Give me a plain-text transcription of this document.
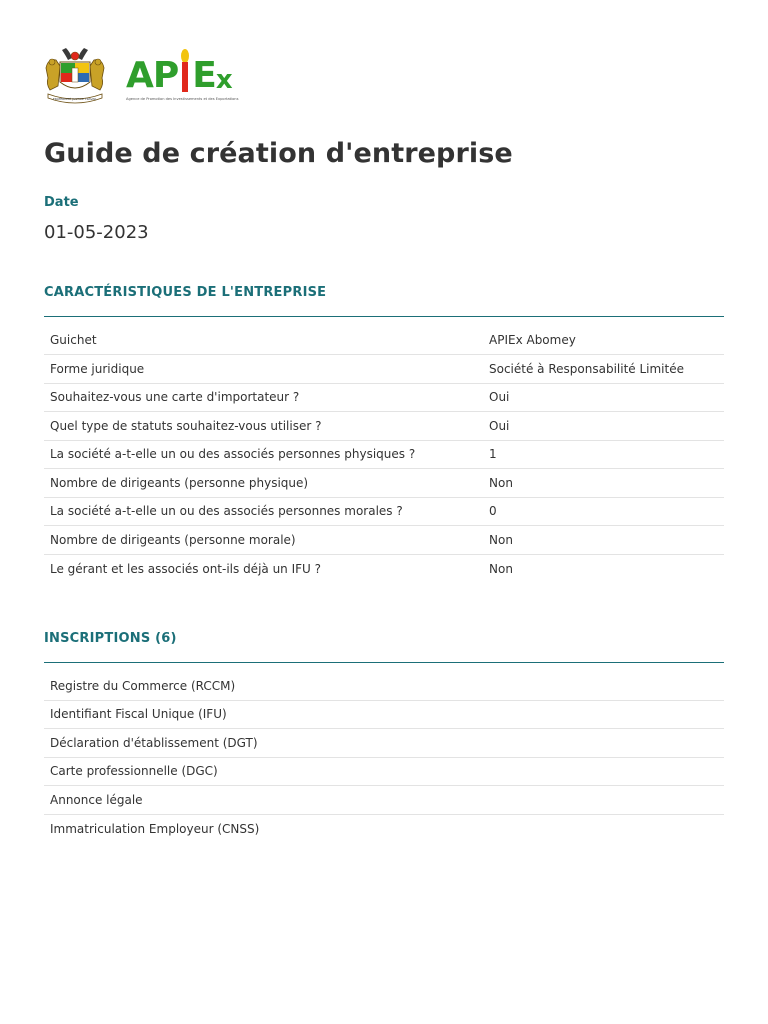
FRATERNITÉ JUSTICE TRAVAIL
AP E x
Agence de Promotion des Investissements et des Exportations
Guide de création d'entreprise
Date
01-05-2023
CARACTÉRISTIQUES DE L'ENTREPRISE
Guichet	APIEx Abomey
Forme juridique	Société à Responsabilité Limitée
Souhaitez-vous une carte d'importateur ?	Oui
Quel type de statuts souhaitez-vous utiliser ?	Oui
La société a-t-elle un ou des associés personnes physiques ?	1
Nombre de dirigeants (personne physique)	Non
La société a-t-elle un ou des associés personnes morales ?	0
Nombre de dirigeants (personne morale)	Non
Le gérant et les associés ont-ils déjà un IFU ?	Non
INSCRIPTIONS (6)
Registre du Commerce (RCCM)
Identifiant Fiscal Unique (IFU)
Déclaration d'établissement (DGT)
Carte professionnelle (DGC)
Annonce légale
Immatriculation Employeur (CNSS)
